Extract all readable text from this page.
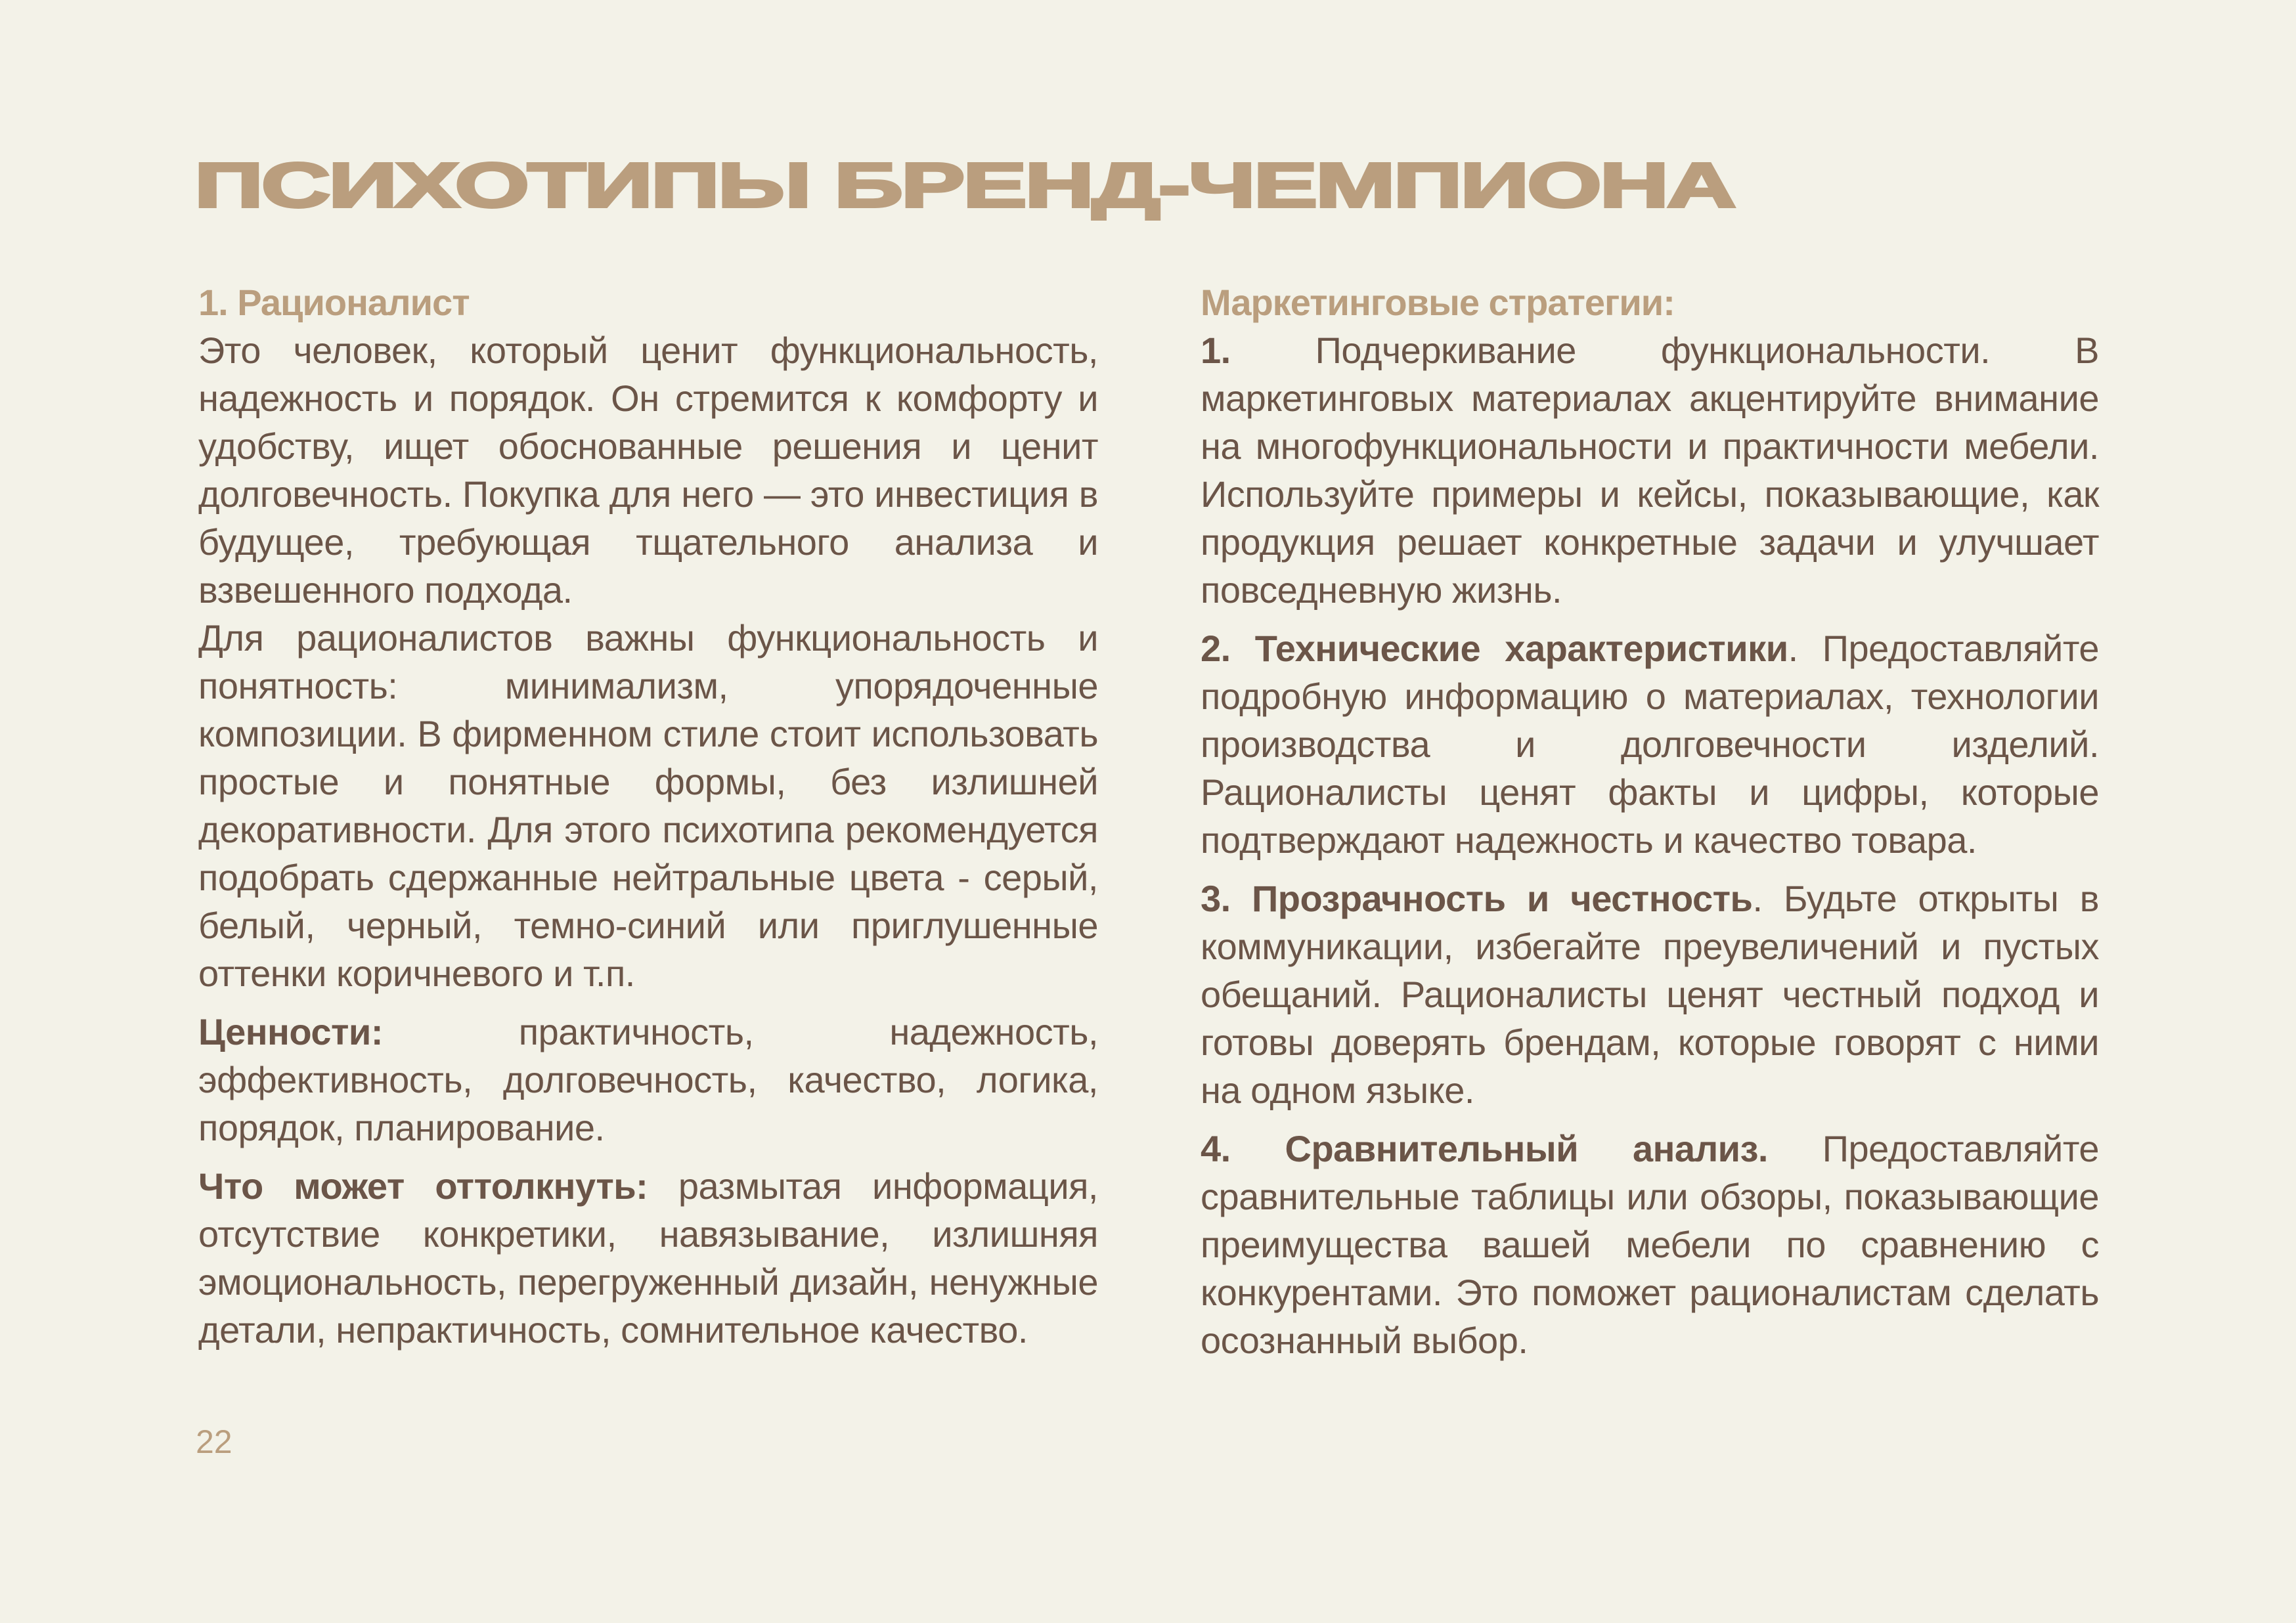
ПСИХОТИПЫ БРЕНД-ЧЕМПИОНА
1. Рационалист

Это человек, который ценит функциональность, надежность и порядок. Он стремится к комфорту и удобству, ищет обоснованные решения и ценит долговечность. Покупка для него — это инвестиция в будущее, требующая тщательного анализа и взвешенного подхода.

Для рационалистов важны функциональность и понятность: минимализм, упорядоченные композиции. В фирменном стиле стоит использовать простые и понятные формы, без излишней декоративности. Для этого психотипа рекомендуется подобрать сдержанные нейтральные цвета - серый, белый, черный, темно-синий или приглушенные оттенки коричневого и т.п.

Ценности: практичность, надежность, эффективность, долговечность, качество, логика, порядок, планирование.

Что может оттолкнуть: размытая информация, отсутствие конкретики, навязывание, излишняя эмоциональность, перегруженный дизайн, ненужные детали, непрактичность, сомнительное качество.

Маркетинговые стратегии:

1. Подчеркивание функциональности. В маркетинговых материалах акцентируйте внимание на многофункциональности и практичности мебели. Используйте примеры и кейсы, показывающие, как продукция решает конкретные задачи и улучшает повседневную жизнь.

2. Технические характеристики. Предоставляйте подробную информацию о материалах, технологии производства и долговечности изделий. Рационалисты ценят факты и цифры, которые подтверждают надежность и качество товара.

3. Прозрачность и честность. Будьте открыты в коммуникации, избегайте преувеличений и пустых обещаний. Рационалисты ценят честный подход и готовы доверять брендам, которые говорят с ними на одном языке.

4. Сравнительный анализ. Предоставляйте сравнительные таблицы или обзоры, показывающие преимущества вашей мебели по сравнению с конкурентами. Это поможет рационалистам сделать осознанный выбор.

22
